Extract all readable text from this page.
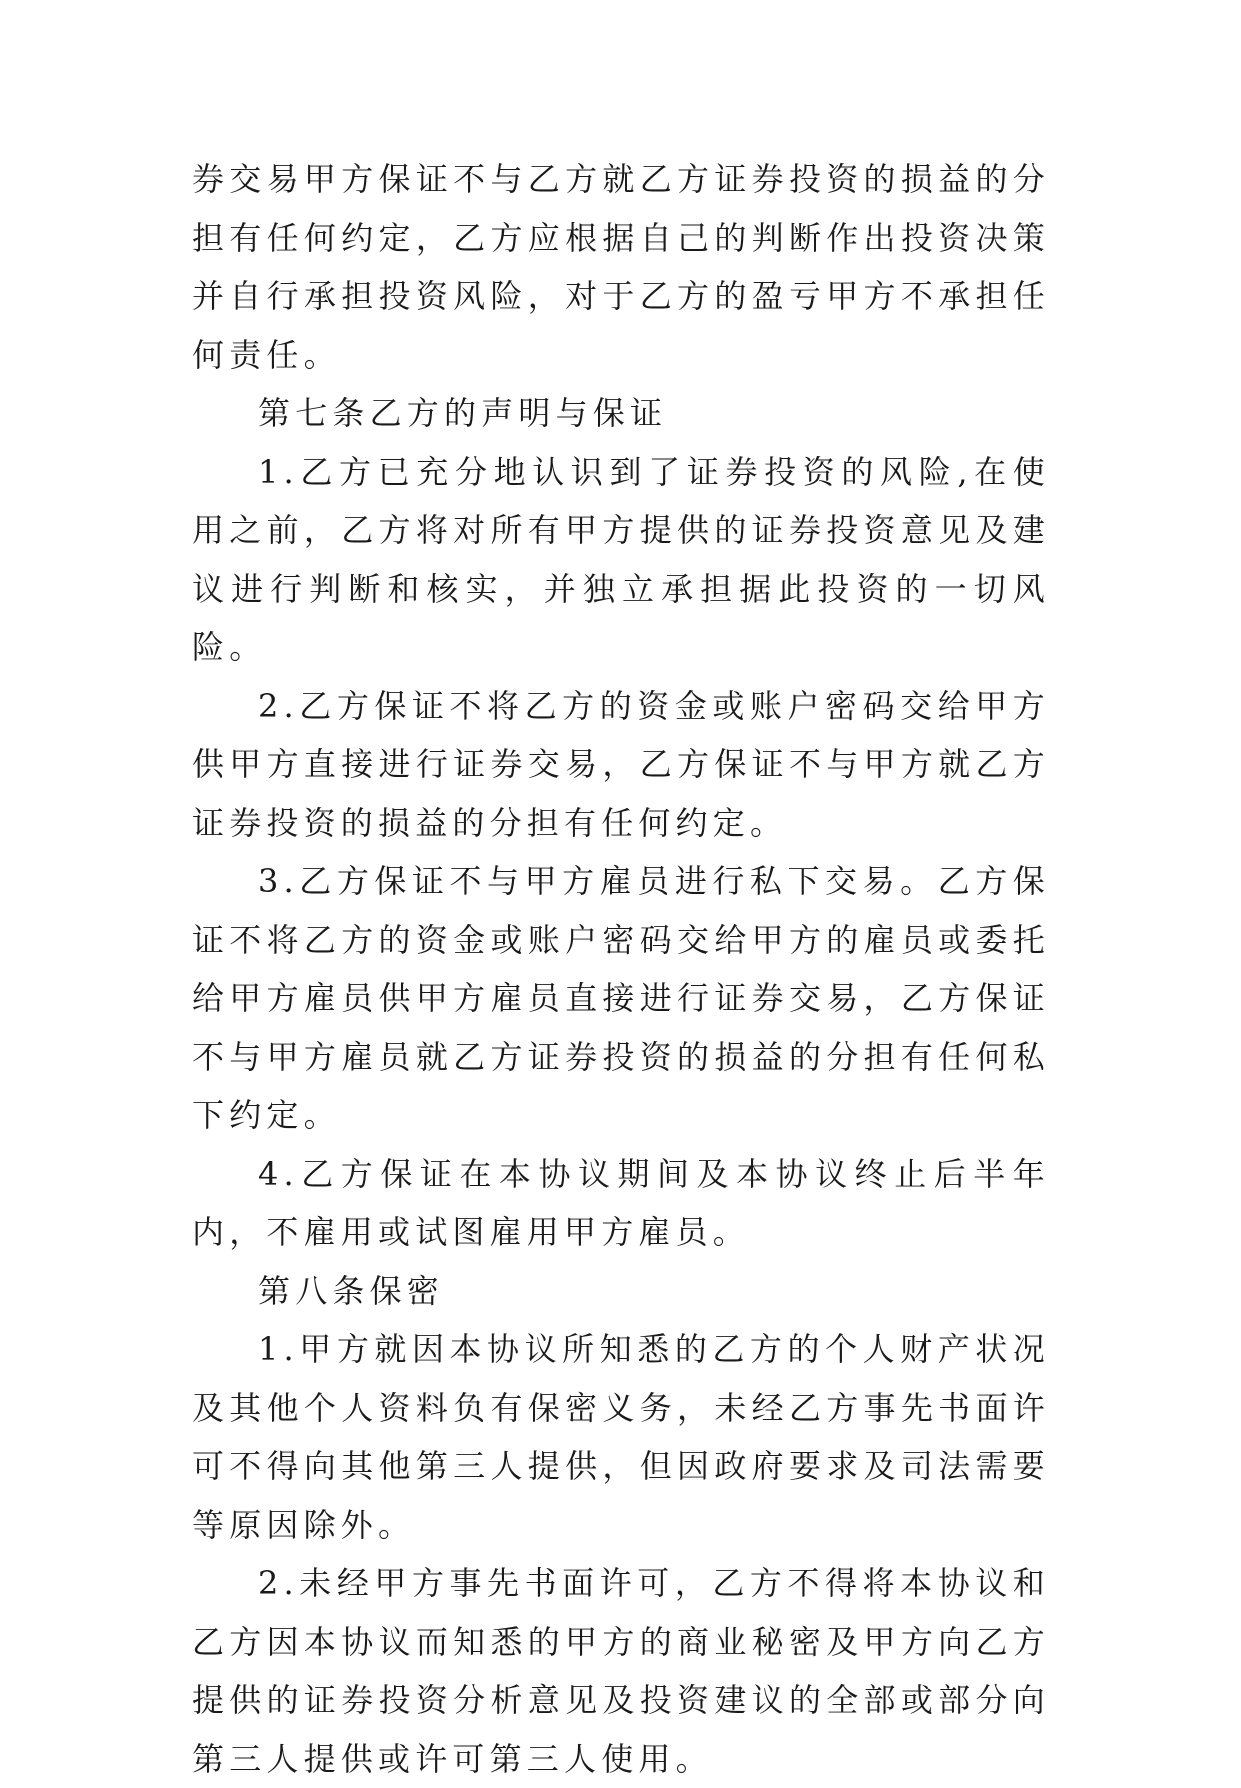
券交易甲方保证不与乙方就乙方证券投资的损益的分担有任何约定，乙方应根据自己的判断作出投资决策并自行承担投资风险，对于乙方的盈亏甲方不承担任何责任。

第七条乙方的声明与保证

1.乙方已充分地认识到了证券投资的风险,在使用之前，乙方将对所有甲方提供的证券投资意见及建议进行判断和核实，并独立承担据此投资的一切风险。

2.乙方保证不将乙方的资金或账户密码交给甲方供甲方直接进行证券交易，乙方保证不与甲方就乙方证券投资的损益的分担有任何约定。

3.乙方保证不与甲方雇员进行私下交易。乙方保证不将乙方的资金或账户密码交给甲方的雇员或委托给甲方雇员供甲方雇员直接进行证券交易，乙方保证不与甲方雇员就乙方证券投资的损益的分担有任何私下约定。

4.乙方保证在本协议期间及本协议终止后半年内，不雇用或试图雇用甲方雇员。

第八条保密

1.甲方就因本协议所知悉的乙方的个人财产状况及其他个人资料负有保密义务，未经乙方事先书面许可不得向其他第三人提供，但因政府要求及司法需要等原因除外。

2.未经甲方事先书面许可，乙方不得将本协议和乙方因本协议而知悉的甲方的商业秘密及甲方向乙方提供的证券投资分析意见及投资建议的全部或部分向第三人提供或许可第三人使用。
